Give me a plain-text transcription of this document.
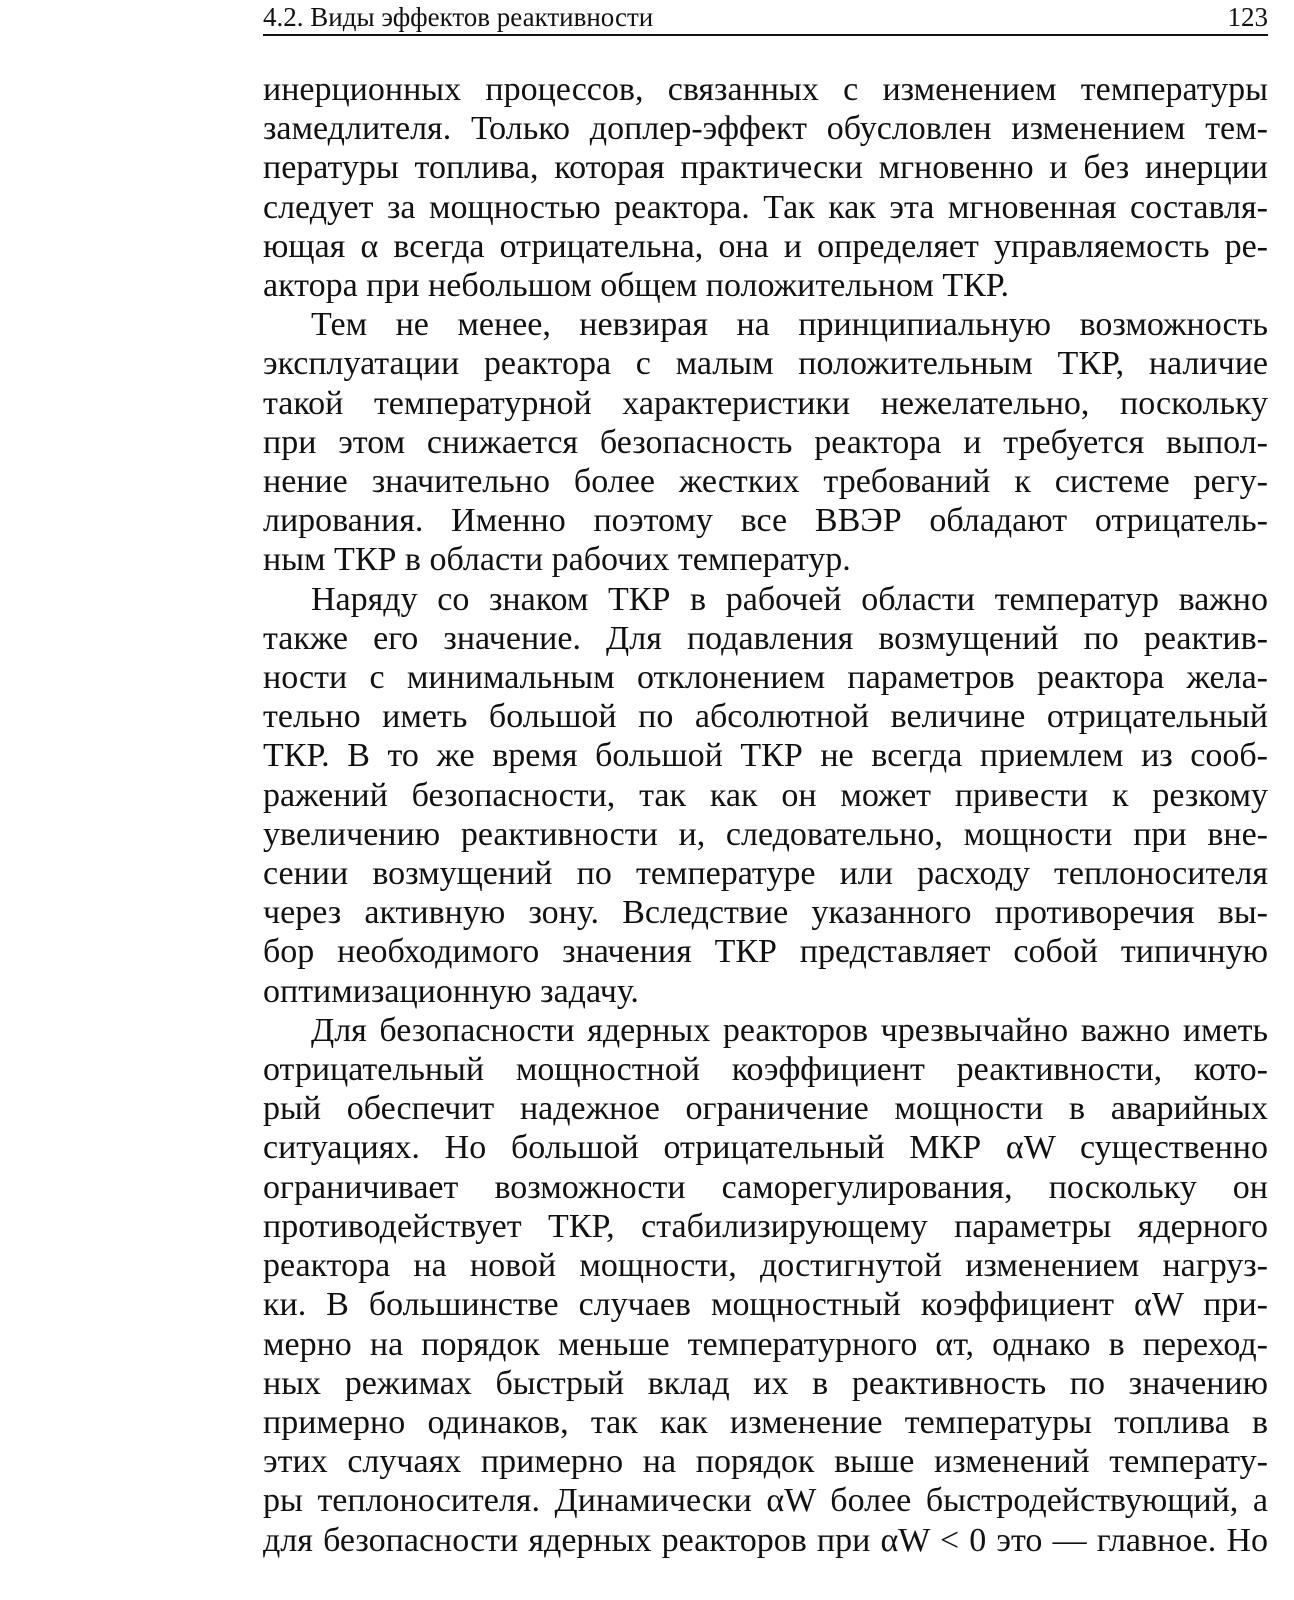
4.2. Виды эффектов реактивности	123

инерционных процессов, связанных с изменением температуры
замедлителя. Только доплер-эффект обусловлен изменением тем-
пературы топлива, которая практически мгновенно и без инерции
следует за мощностью реактора. Так как эта мгновенная составля-
ющая α всегда отрицательна, она и определяет управляемость ре-
актора при небольшом общем положительном ТКР.

Тем не менее, невзирая на принципиальную возможность
эксплуатации реактора с малым положительным ТКР, наличие
такой температурной характеристики нежелательно, поскольку
при этом снижается безопасность реактора и требуется выпол-
нение значительно более жестких требований к системе регу-
лирования. Именно поэтому все ВВЭР обладают отрицатель-
ным ТКР в области рабочих температур.

Наряду со знаком ТКР в рабочей области температур важно
также его значение. Для подавления возмущений по реактив-
ности с минимальным отклонением параметров реактора жела-
тельно иметь большой по абсолютной величине отрицательный
ТКР. В то же время большой ТКР не всегда приемлем из сооб-
ражений безопасности, так как он может привести к резкому
увеличению реактивности и, следовательно, мощности при вне-
сении возмущений по температуре или расходу теплоносителя
через активную зону. Вследствие указанного противоречия вы-
бор необходимого значения ТКР представляет собой типичную
оптимизационную задачу.

Для безопасности ядерных реакторов чрезвычайно важно иметь
отрицательный мощностной коэффициент реактивности, кото-
рый обеспечит надежное ограничение мощности в аварийных
ситуациях. Но большой отрицательный МКР αW существенно
ограничивает возможности саморегулирования, поскольку он
противодействует ТКР, стабилизирующему параметры ядерного
реактора на новой мощности, достигнутой изменением нагруз-
ки. В большинстве случаев мощностный коэффициент αW при-
мерно на порядок меньше температурного αт, однако в переход-
ных режимах быстрый вклад их в реактивность по значению
примерно одинаков, так как изменение температуры топлива в
этих случаях примерно на порядок выше изменений температу-
ры теплоносителя. Динамически αW более быстродействующий, а
для безопасности ядерных реакторов при αW < 0 это — главное. Но
